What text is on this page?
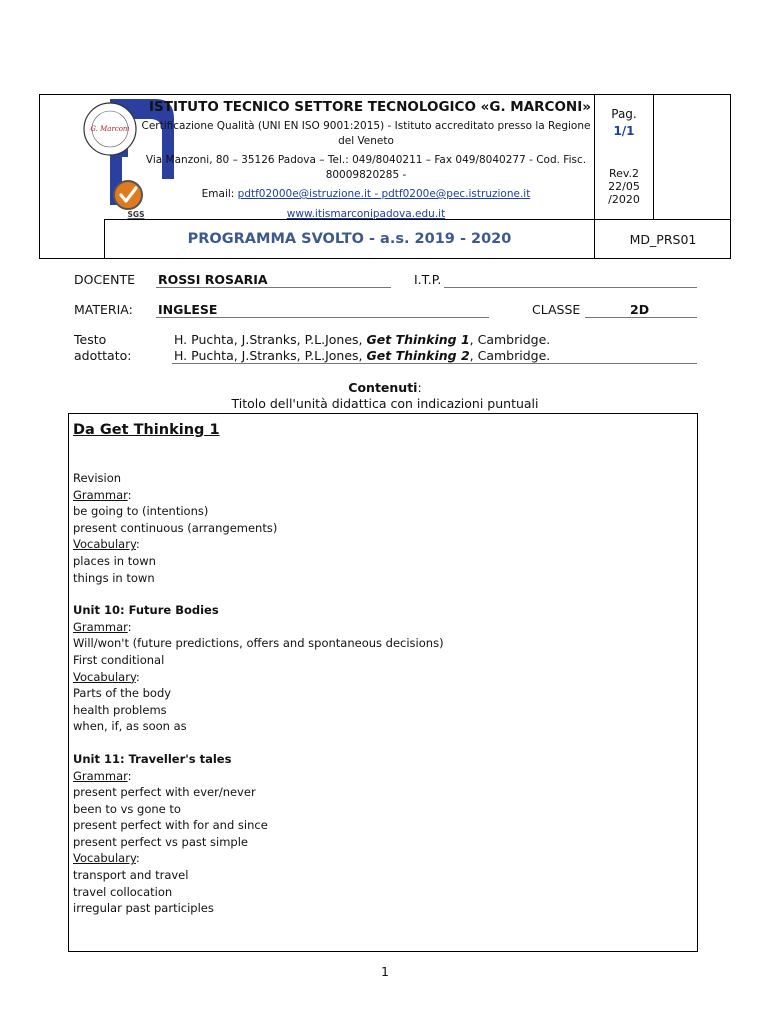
G. Marconi
SGS
ISTITUTO TECNICO SETTORE TECNOLOGICO «G. MARCONI»
Certificazione Qualità (UNI EN ISO 9001:2015) - Istituto accreditato presso la Regione del Veneto
Via Manzoni, 80 – 35126 Padova – Tel.: 049/8040211 – Fax 049/8040277 - Cod. Fisc. 80009820285 -
Email: pdtf02000e@istruzione.it - pdtf0200e@pec.istruzione.it
www.itismarconipadova.edu.it
Pag.
1/1
Rev.2
22/05
/2020
PROGRAMMA SVOLTO - a.s. 2019 - 2020	MD_PRS01
DOCENTE ROSSI ROSARIA	I.T.P.
MATERIA: INGLESE	CLASSE	2D
Testo
adottato:
H. Puchta, J.Stranks, P.L.Jones, Get Thinking 1, Cambridge.
H. Puchta, J.Stranks, P.L.Jones, Get Thinking 2, Cambridge.
Contenuti:
Titolo dell'unità didattica con indicazioni puntuali
Da Get Thinking 1
Revision
Grammar:
be going to (intentions)
present continuous (arrangements)
Vocabulary:
places in town
things in town
Unit 10: Future Bodies
Grammar:
Will/won't (future predictions, offers and spontaneous decisions)
First conditional
Vocabulary:
Parts of the body
health problems
when, if, as soon as
Unit 11: Traveller's tales
Grammar:
present perfect with ever/never
been to vs gone to
present perfect with for and since
present perfect vs past simple
Vocabulary:
transport and travel
travel collocation
irregular past participles
1
